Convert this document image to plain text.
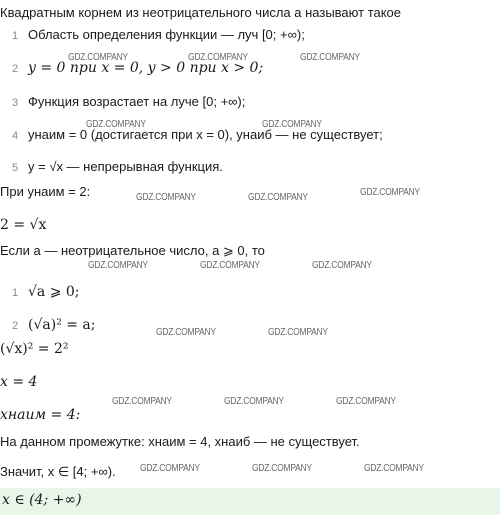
Квадратным корнем из неотрицательного числа a называют такое
1 Область определения функции — луч [0; +∞);
2 y = 0 при x = 0, y > 0 при x > 0;
3 Функция возрастает на луче [0; +∞);
4 yнаим = 0 (достигается при x = 0), yнаиб — не существует;
5 y = √x — непрерывная функция.
При yнаим = 2:
2 = √x
Если a — неотрицательное число, a ⩾ 0, то
1 √a ⩾ 0;
2 (√a)² = a;
(√x)² = 2²
x = 4
xнаим = 4:
На данном промежутке: xнаим = 4, xнаиб — не существует.
Значит, x ∈ [4; +∞).
x ∈ (4; +∞)
GDZ.COMPANY	GDZ.COMPANY	GDZ.COMPANY
GDZ.COMPANY	GDZ.COMPANY
GDZ.COMPANY	GDZ.COMPANY	GDZ.COMPANY
GDZ.COMPANY	GDZ.COMPANY	GDZ.COMPANY
GDZ.COMPANY	GDZ.COMPANY
GDZ.COMPANY	GDZ.COMPANY	GDZ.COMPANY
GDZ.COMPANY	GDZ.COMPANY	GDZ.COMPANY
